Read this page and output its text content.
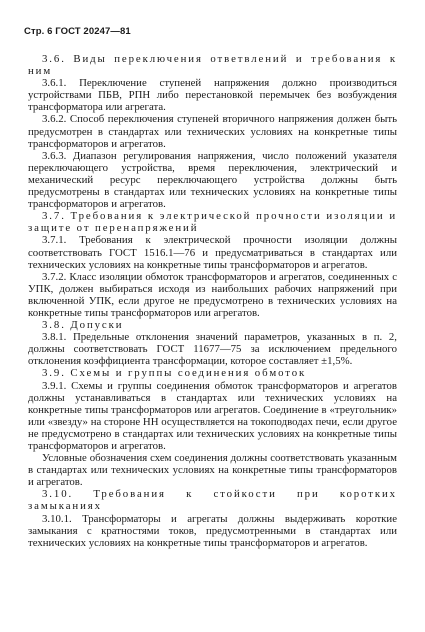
Стр. 6 ГОСТ 20247—81

3.6. Виды переключения ответвлений и требования к ним

3.6.1. Переключение ступеней напряжения должно производиться устройствами ПБВ, РПН либо перестановкой перемычек без возбуждения трансформатора или агрегата.

3.6.2. Способ переключения ступеней вторичного напряжения должен быть предусмотрен в стандартах или технических условиях на конкретные типы трансформаторов и агрегатов.

3.6.3. Диапазон регулирования напряжения, число положений указателя переключающего устройства, время переключения, электрический и механический ресурс переключающего устройства должны быть предусмотрены в стандартах или технических условиях на конкретные типы трансформаторов и агрегатов.

3.7. Требования к электрической прочности изоляции и защите от перенапряжений

3.7.1. Требования к электрической прочности изоляции должны соответствовать ГОСТ 1516.1—76 и предусматриваться в стандартах или технических условиях на конкретные типы трансформаторов и агрегатов.

3.7.2. Класс изоляции обмоток трансформаторов и агрегатов, соединенных с УПК, должен выбираться исходя из наибольших рабочих напряжений при включенной УПК, если другое не предусмотрено в технических условиях на конкретные типы трансформаторов или агрегатов.

3.8. Допуски

3.8.1. Предельные отклонения значений параметров, указанных в п. 2, должны соответствовать ГОСТ 11677—75 за исключением предельного отклонения коэффициента трансформации, которое составляет ±1,5%.

3.9. Схемы и группы соединения обмоток

3.9.1. Схемы и группы соединения обмоток трансформаторов и агрегатов должны устанавливаться в стандартах или технических условиях на конкретные типы трансформаторов или агрегатов. Соединение в «треугольник» или «звезду» на стороне НН осуществляется на токоподводах печи, если другое не предусмотрено в стандартах или технических условиях на конкретные типы трансформаторов и агрегатов.

Условные обозначения схем соединения должны соответствовать указанным в стандартах или технических условиях на конкретные типы трансформаторов и агрегатов.

3.10. Требования к стойкости при коротких замыканиях

3.10.1. Трансформаторы и агрегаты должны выдерживать короткие замыкания с кратностями токов, предусмотренными в стандартах или технических условиях на конкретные типы трансформаторов и агрегатов.
